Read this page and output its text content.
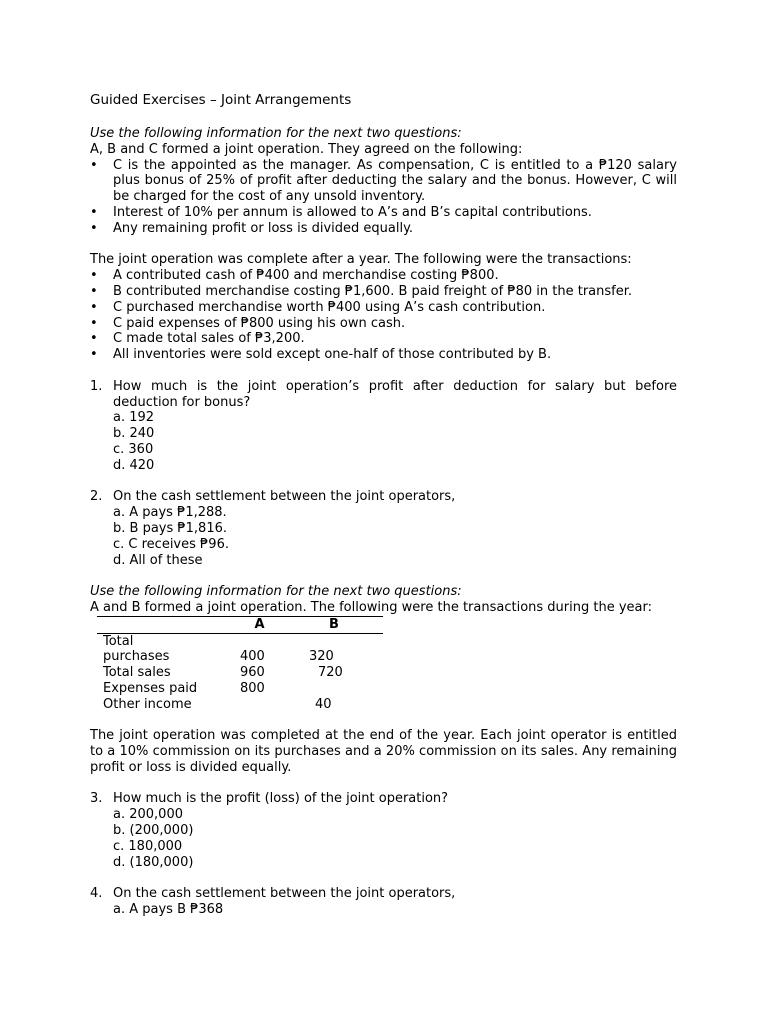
Guided Exercises – Joint Arrangements

Use the following information for the next two questions:

A, B and C formed a joint operation. They agreed on the following:

• C is the appointed as the manager. As compensation, C is entitled to a ₱120 salary plus bonus of 25% of profit after deducting the salary and the bonus. However, C will be charged for the cost of any unsold inventory.
• Interest of 10% per annum is allowed to A’s and B’s capital contributions.
• Any remaining profit or loss is divided equally.

The joint operation was complete after a year. The following were the transactions:

• A contributed cash of ₱400 and merchandise costing ₱800.
• B contributed merchandise costing ₱1,600. B paid freight of ₱80 in the transfer.
• C purchased merchandise worth ₱400 using A’s cash contribution.
• C paid expenses of ₱800 using his own cash.
• C made total sales of ₱3,200.
• All inventories were sold except one-half of those contributed by B.
1. How much is the joint operation’s profit after deduction for salary but before deduction for bonus?
a. 192
b. 240
c. 360
d. 420
2. On the cash settlement between the joint operators,
a. A pays ₱1,288.
b. B pays ₱1,816.
c. C receives ₱96.
d. All of these

Use the following information for the next two questions:

A and B formed a joint operation. The following were the transactions during the year:

	A	B
Total		
purchases	400	320
Total sales	960	720
Expenses paid	800	
Other income		40

The joint operation was completed at the end of the year. Each joint operator is entitled to a 10% commission on its purchases and a 20% commission on its sales. Any remaining profit or loss is divided equally.

3. How much is the profit (loss) of the joint operation?
a. 200,000
b. (200,000)
c. 180,000
d. (180,000)
4. On the cash settlement between the joint operators,
a. A pays B ₱368
